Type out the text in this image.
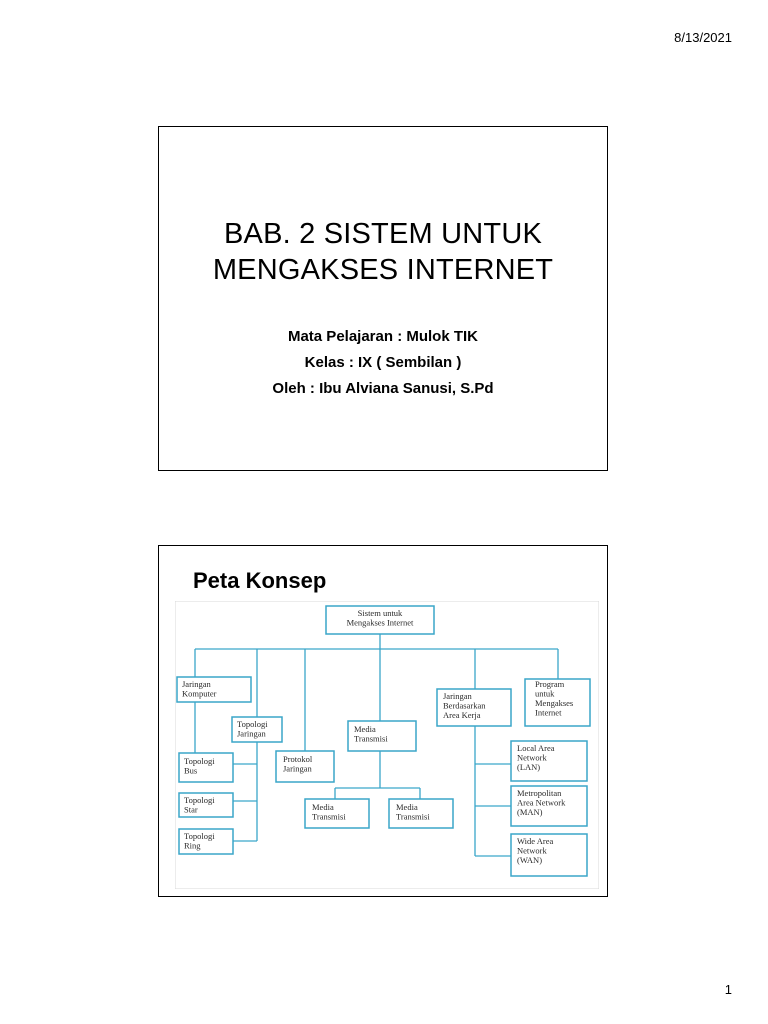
8/13/2021
BAB. 2 SISTEM UNTUK
MENGAKSES INTERNET
Mata Pelajaran : Mulok TIK
Kelas : IX ( Sembilan )
Oleh : Ibu Alviana Sanusi, S.Pd
Peta Konsep
Sistem untuk
Mengakses Internet
Jaringan
Komputer
Topologi
Jaringan
Topologi
Bus
Topologi
Star
Topologi
Ring
Protokol
Jaringan
Media
Transmisi
Media
Transmisi
Media
Transmisi
Jaringan
Berdasarkan
Area Kerja
Program
untuk
Mengakses
Internet
Local Area
Network
(LAN)
Metropolitan
Area Network
(MAN)
Wide Area
Network
(WAN)
1
